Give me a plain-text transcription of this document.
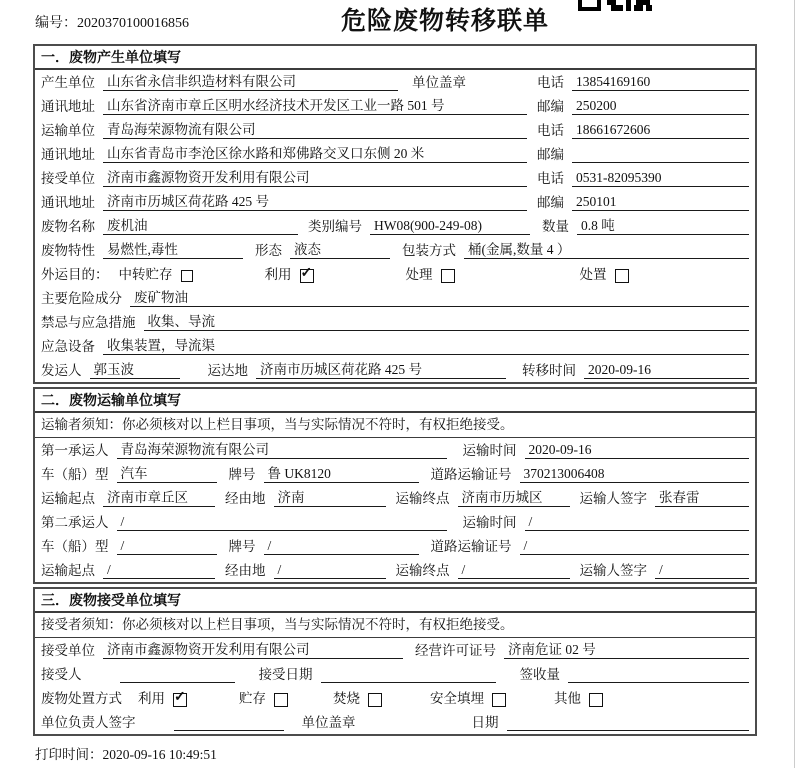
编号：2020370100016856	危险废物转移联单
一．废物产生单位填写
产生单位 山东省永信非织造材料有限公司	单位盖章	电话 13854169160
通讯地址 山东省济南市章丘区明水经济技术开发区工业一路 501 号	邮编 250200
运输单位 青岛海荣源物流有限公司	电话 18661672606
通讯地址 山东省青岛市李沧区徐水路和郑佛路交叉口东侧 20 米	邮编
接受单位 济南市鑫源物资开发利用有限公司	电话 0531-82095390
通讯地址 济南市历城区荷花路 425 号	邮编 250101
废物名称 废机油	类别编号 HW08(900-249-08)	数量 0.8 吨
废物特性 易燃性,毒性	形态 液态	包装方式 桶(金属,数量 4 ）
外运目的： 中转贮存	利用 ✓	处理	处置
主要危险成分 废矿物油
禁忌与应急措施 收集、导流
应急设备 收集装置，导流渠
发运人 郭玉波	运达地 济南市历城区荷花路 425 号	转移时间 2020-09-16
二．废物运输单位填写
运输者须知：你必须核对以上栏目事项，当与实际情况不符时，有权拒绝接受。
第一承运人 青岛海荣源物流有限公司	运输时间 2020-09-16
车（船）型 汽车	牌号 鲁 UK8120	道路运输证号 370213006408
运输起点 济南市章丘区	经由地 济南	运输终点 济南市历城区	运输人签字 张春雷
第二承运人 /	运输时间 /
车（船）型 /	牌号 /	道路运输证号 /
运输起点 /	经由地 /	运输终点 /	运输人签字 /
三．废物接受单位填写
接受者须知：你必须核对以上栏目事项，当与实际情况不符时，有权拒绝接受。
接受单位 济南市鑫源物资开发利用有限公司	经营许可证号 济南危证 02 号
接受人	接受日期	签收量
废物处置方式 利用 ✓	贮存	焚烧	安全填埋	其他
单位负责人签字	单位盖章	日期
打印时间：2020-09-16 10:49:51
